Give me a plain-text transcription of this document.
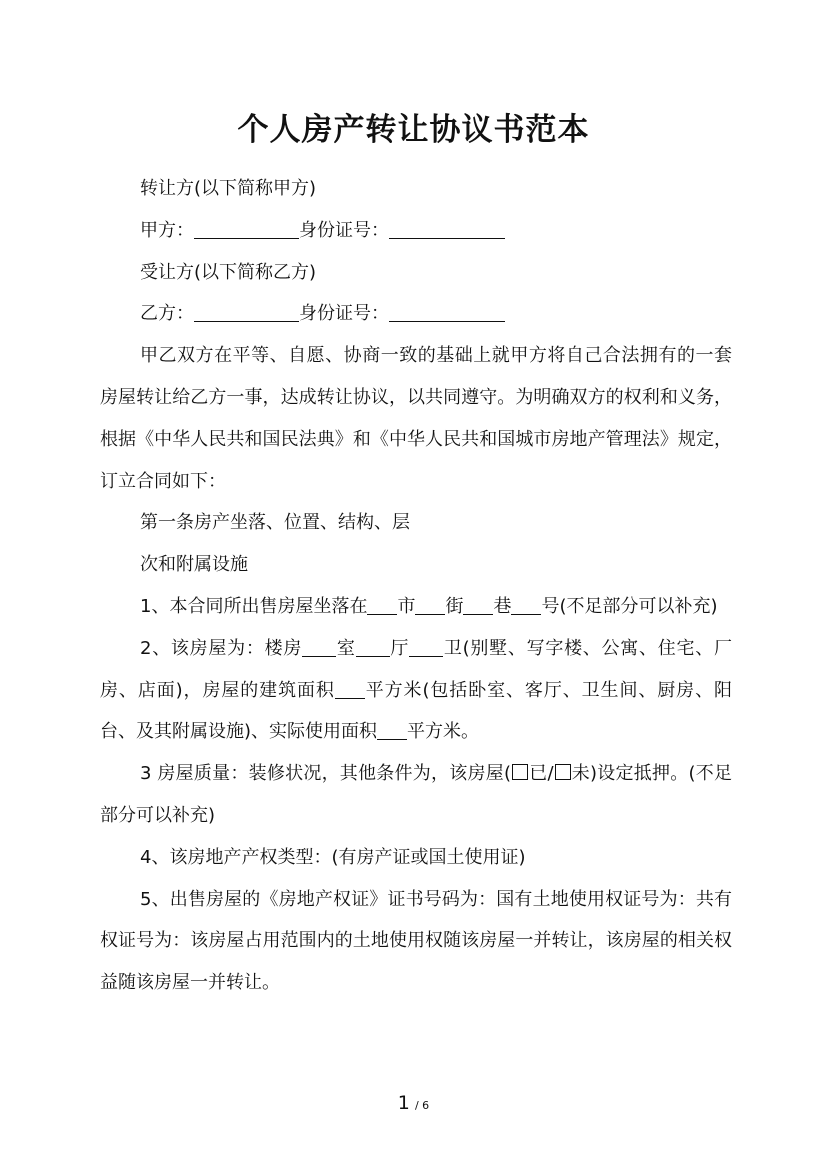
个人房产转让协议书范本

转让方(以下简称甲方)

甲方：	身份证号：

受让方(以下简称乙方)

乙方：	身份证号：

甲乙双方在平等、自愿、协商一致的基础上就甲方将自己合法拥有的一套房屋转让给乙方一事，达成转让协议，以共同遵守。为明确双方的权利和义务，根据《中华人民共和国民法典》和《中华人民共和国城市房地产管理法》规定，订立合同如下：

第一条房产坐落、位置、结构、层

次和附属设施

1、本合同所出售房屋坐落在 市 街 巷 号(不足部分可以补充)

2、该房屋为：楼房 室 厅 卫(别墅、写字楼、公寓、住宅、厂房、店面)，房屋的建筑面积 平方米(包括卧室、客厅、卫生间、厨房、阳台、及其附属设施)、实际使用面积 平方米。

3 房屋质量：装修状况，其他条件为，该房屋( 已/ 未)设定抵押。(不足部分可以补充)

4、该房地产产权类型：(有房产证或国土使用证)

5、出售房屋的《房地产权证》证书号码为：国有土地使用权证号为：共有权证号为：该房屋占用范围内的土地使用权随该房屋一并转让，该房屋的相关权益随该房屋一并转让。

1 / 6
